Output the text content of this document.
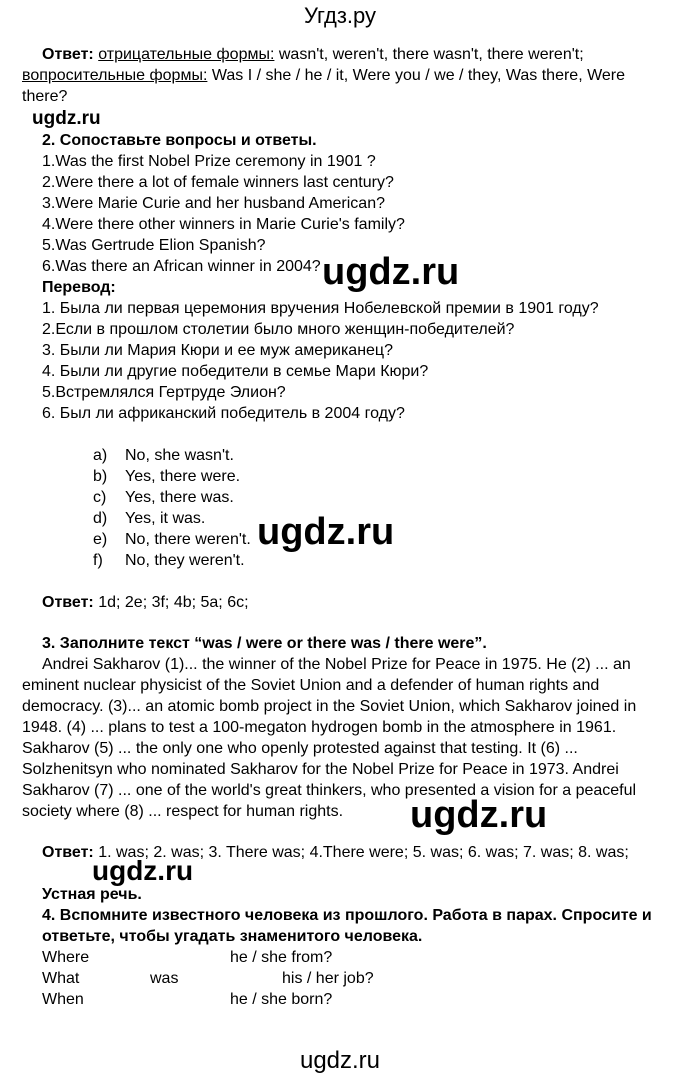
Угдз.ру
Ответ: отрицательные формы: wasn't, weren't, there wasn't, there weren't;
вопросительные формы: Was I / she / he / it, Were you / we / they, Was there, Were
there?
ugdz.ru
2. Сопоставьте вопросы и ответы.
1.Was the first Nobel Prize ceremony in 1901 ?
2.Were there a lot of female winners last century?
3.Were Marie Curie and her husband American?
4.Were there other winners in Marie Curie's family?
5.Was Gertrude Elion Spanish?
6.Was there an African winner in 2004? ugdz.ru
Перевод:
1. Была ли первая церемония вручения Нобелевской премии в 1901 году?
2.Если в прошлом столетии было много женщин-победителей?
3. Были ли Мария Кюри и ее муж американец?
4. Были ли другие победители в семье Мари Кюри?
5.Встремлялся Гертруде Элион?
6. Был ли африканский победитель в 2004 году?
a) No, she wasn't.
b) Yes, there were.
c) Yes, there was.
d) Yes, it was.
e) No, there weren't.
f) No, they weren't.
ugdz.ru
Ответ: 1d; 2e; 3f; 4b; 5a; 6c;
3. Заполните текст “was / were or there was / there were”.
Andrei Sakharov (1)... the winner of the Nobel Prize for Peace in 1975. He (2) ... an
eminent nuclear physicist of the Soviet Union and a defender of human rights and
democracy. (3)... an atomic bomb project in the Soviet Union, which Sakharov joined in
1948. (4) ... plans to test a 100-megaton hydrogen bomb in the atmosphere in 1961.
Sakharov (5) ... the only one who openly protested against that testing. It (6) ...
Solzhenitsyn who nominated Sakharov for the Nobel Prize for Peace in 1973. Andrei
Sakharov (7) ... one of the world's great thinkers, who presented a vision for a peaceful
society where (8) ... respect for human rights. ugdz.ru
Ответ: 1. was; 2. was; 3. There was; 4.There were; 5. was; 6. was; 7. was; 8. was;
ugdz.ru
Устная речь.
4. Вспомните известного человека из прошлого. Работа в парах. Спросите и
ответьте, чтобы угадать знаменитого человека.
Where	he / she from?
What	was	his / her job?
When	he / she born?
ugdz.ru
